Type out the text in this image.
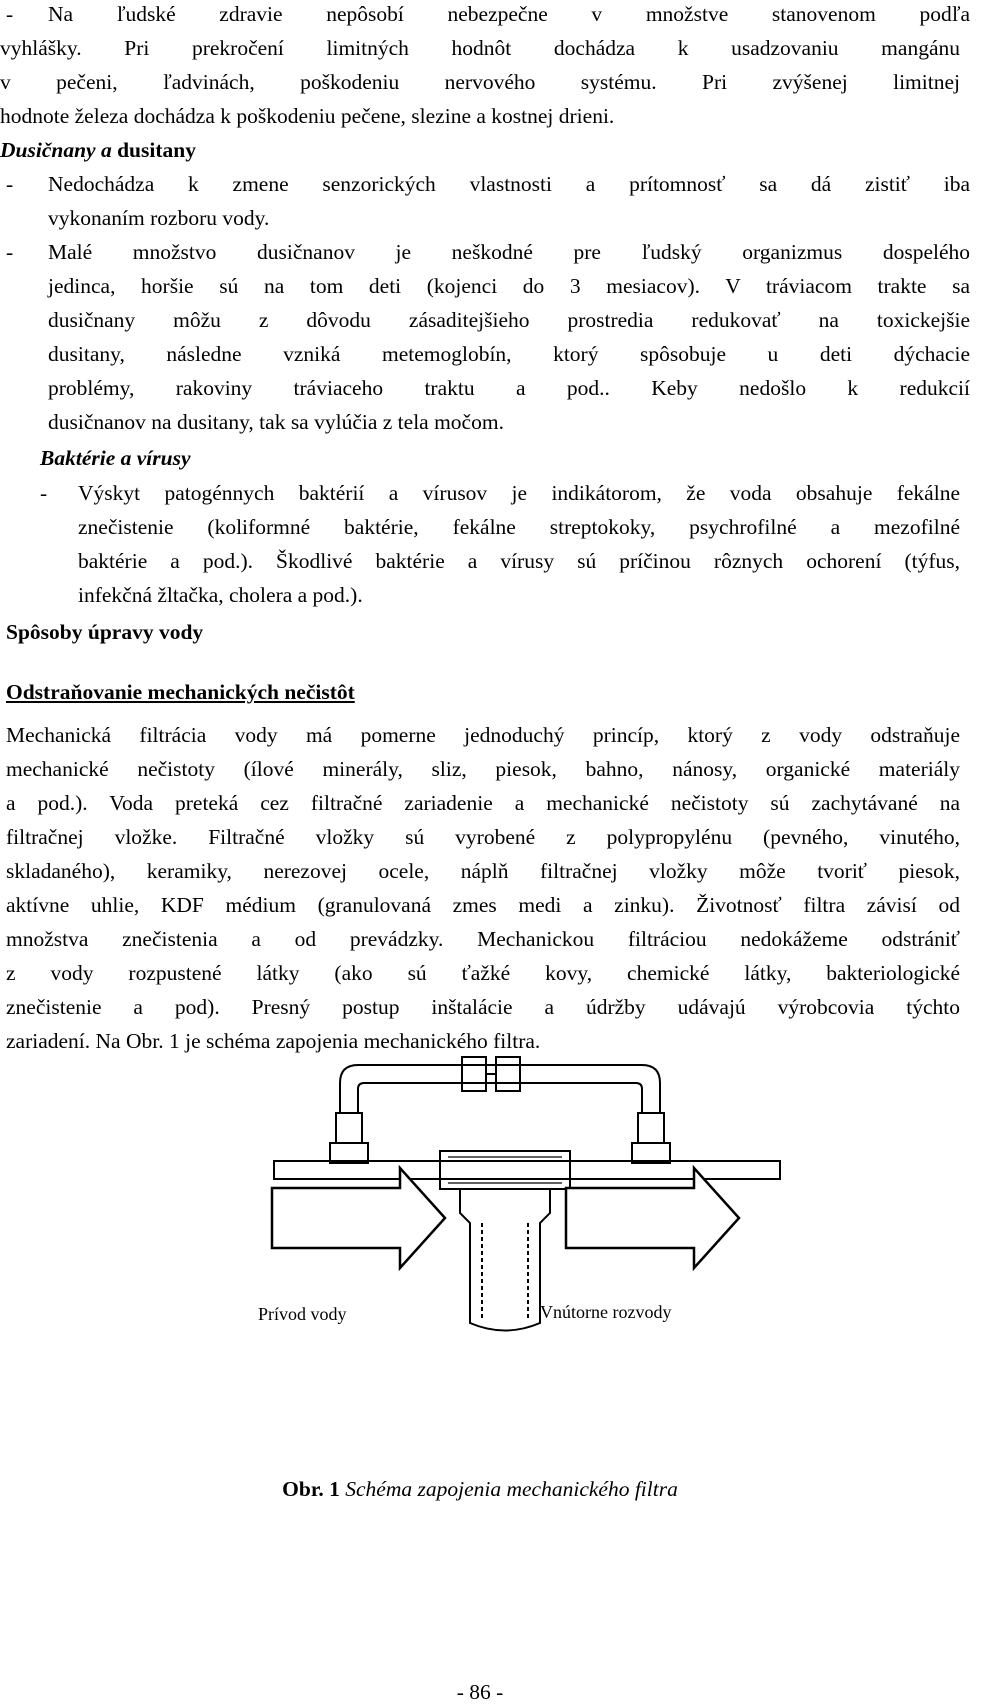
- Na ľudské zdravie nepôsobí nebezpečne v množstve stanovenom podľa

vyhlášky. Pri prekročení limitných hodnôt dochádza k usadzovaniu mangánu

v pečeni, ľadvinách, poškodeniu nervového systému. Pri zvýšenej limitnej

hodnote železa dochádza k poškodeniu pečene, slezine a kostnej drieni.

Dusičnany a dusitany

- Nedochádza k zmene senzorických vlastnosti a prítomnosť sa dá zistiť iba

vykonaním rozboru vody.

- Malé množstvo dusičnanov je neškodné pre ľudský organizmus dospelého

jedinca, horšie sú na tom deti (kojenci do 3 mesiacov). V tráviacom trakte sa

dusičnany môžu z dôvodu zásaditejšieho prostredia redukovať na toxickejšie

dusitany, následne vzniká metemoglobín, ktorý spôsobuje u deti dýchacie

problémy, rakoviny tráviaceho traktu a pod.. Keby nedošlo k redukcií

dusičnanov na dusitany, tak sa vylúčia z tela močom.

Baktérie a vírusy

- Výskyt patogénnych baktérií a vírusov je indikátorom, že voda obsahuje fekálne

znečistenie (koliformné baktérie, fekálne streptokoky, psychrofilné a mezofilné

baktérie a pod.). Škodlivé baktérie a vírusy sú príčinou rôznych ochorení (týfus,

infekčná žltačka, cholera a pod.).

Spôsoby úpravy vody

Odstraňovanie mechanických nečistôt

Mechanická filtrácia vody má pomerne jednoduchý princíp, ktorý z vody odstraňuje

mechanické nečistoty (ílové minerály, sliz, piesok, bahno, nánosy, organické materiály

a pod.). Voda preteká cez filtračné zariadenie a mechanické nečistoty sú zachytávané na

filtračnej vložke. Filtračné vložky sú vyrobené z polypropylénu (pevného, vinutého,

skladaného), keramiky, nerezovej ocele, náplň filtračnej vložky môže tvoriť piesok,

aktívne uhlie, KDF médium (granulovaná zmes medi a zinku). Životnosť filtra závisí od

množstva znečistenia a od prevádzky. Mechanickou filtráciou nedokážeme odstrániť

z vody rozpustené látky (ako sú ťažké kovy, chemické látky, bakteriologické

znečistenie a pod). Presný postup inštalácie a údržby udávajú výrobcovia týchto

zariadení. Na Obr. 1 je schéma zapojenia mechanického filtra.

Prívod vody	Vnútorne rozvody

Obr. 1 Schéma zapojenia mechanického filtra

- 86 -
